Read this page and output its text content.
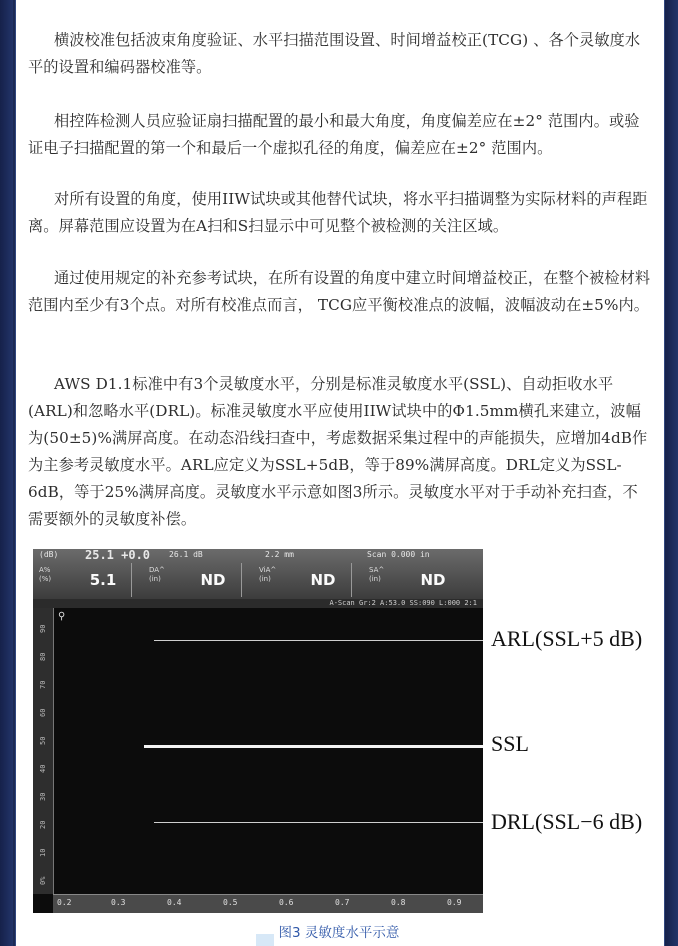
横波校准包括波束角度验证、水平扫描范围设置、时间增益校正(TCG) 、各个灵敏度水平的设置和编码器校准等。

相控阵检测人员应验证扇扫描配置的最小和最大角度，角度偏差应在±2° 范围内。或验证电子扫描配置的第一个和最后一个虚拟孔径的角度，偏差应在±2° 范围内。

对所有设置的角度，使用IIW试块或其他替代试块，将水平扫描调整为实际材料的声程距离。屏幕范围应设置为在A扫和S扫显示中可见整个被检测的关注区域。

通过使用规定的补充参考试块，在所有设置的角度中建立时间增益校正，在整个被检材料范围内至少有3个点。对所有校准点而言， TCG应平衡校准点的波幅，波幅波动在±5%内。

AWS D1.1标准中有3个灵敏度水平，分别是标准灵敏度水平(SSL)、自动拒收水平(ARL)和忽略水平(DRL)。标准灵敏度水平应使用IIW试块中的Φ1.5mm横孔来建立，波幅为(50±5)%满屏高度。在动态沿线扫查中，考虑数据采集过程中的声能损失，应增加4dB作为主参考灵敏度水平。ARL应定义为SSL+5dB，等于89%满屏高度。DRL定义为SSL-6dB，等于25%满屏高度。灵敏度水平示意如图3所示。灵敏度水平对于手动补充扫查，不需要额外的灵敏度补偿。

(dB) 25.1 +0.0 26.1 dB	2.2 mm	Scan 0.000 in
A%
(%)	5.1
DA^
(in)	ND
ViA^
(in)	ND
SA^
(in)	ND
A-Scan Gr:2 A:53.0 SS:090 L:000 2:1
90
80
70
60
50
40
30
20
10
0%
⚲
0.2	0.3	0.4	0.5	0.6	0.7	0.8	0.9
ARL(SSL+5 dB)
SSL
DRL(SSL−6 dB)
图3 灵敏度水平示意
